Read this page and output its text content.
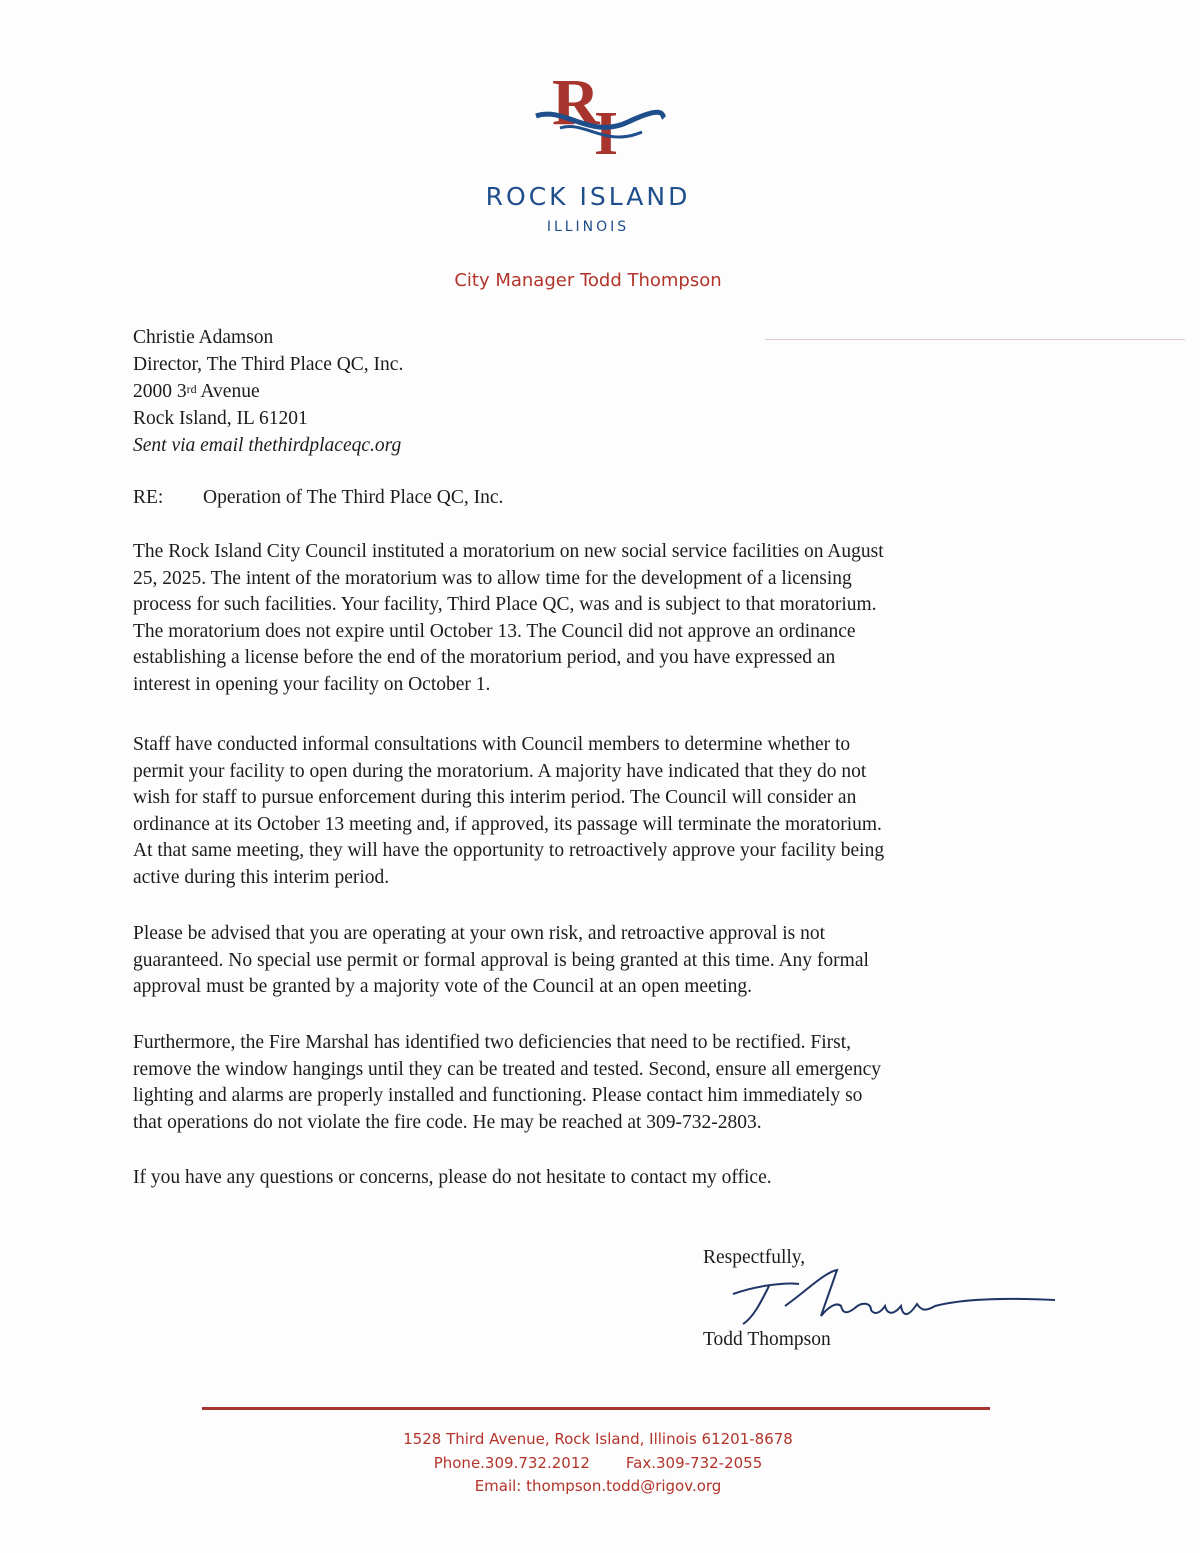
R
I
ROCK ISLAND
ILLINOIS
City Manager Todd Thompson
Christie Adamson
Director, The Third Place QC, Inc.
2000 3rd Avenue
Rock Island, IL 61201
Sent via email thethirdplaceqc.org
RE: Operation of The Third Place QC, Inc.
The Rock Island City Council instituted a moratorium on new social service facilities on August
25, 2025. The intent of the moratorium was to allow time for the development of a licensing
process for such facilities. Your facility, Third Place QC, was and is subject to that moratorium.
The moratorium does not expire until October 13. The Council did not approve an ordinance
establishing a license before the end of the moratorium period, and you have expressed an
interest in opening your facility on October 1.
Staff have conducted informal consultations with Council members to determine whether to
permit your facility to open during the moratorium. A majority have indicated that they do not
wish for staff to pursue enforcement during this interim period. The Council will consider an
ordinance at its October 13 meeting and, if approved, its passage will terminate the moratorium.
At that same meeting, they will have the opportunity to retroactively approve your facility being
active during this interim period.
Please be advised that you are operating at your own risk, and retroactive approval is not
guaranteed. No special use permit or formal approval is being granted at this time. Any formal
approval must be granted by a majority vote of the Council at an open meeting.
Furthermore, the Fire Marshal has identified two deficiencies that need to be rectified. First,
remove the window hangings until they can be treated and tested. Second, ensure all emergency
lighting and alarms are properly installed and functioning. Please contact him immediately so
that operations do not violate the fire code. He may be reached at 309-732-2803.
If you have any questions or concerns, please do not hesitate to contact my office.
Respectfully,
Todd Thompson
1528 Third Avenue, Rock Island, Illinois 61201-8678
Phone.309.732.2012 Fax.309-732-2055
Email: thompson.todd@rigov.org
